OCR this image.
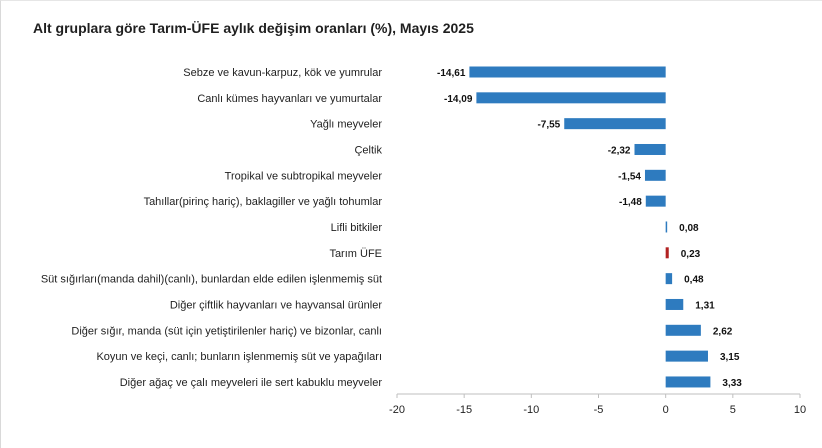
Alt gruplara göre Tarım-ÜFE aylık değişim oranları (%), Mayıs 2025
Sebze ve kavun-karpuz, kök ve yumrular	-14,61
Canlı kümes hayvanları ve yumurtalar	-14,09
Yağlı meyveler	-7,55
Çeltik	-2,32
Tropikal ve subtropikal meyveler	-1,54
Tahıllar(pirinç hariç), baklagiller ve yağlı tohumlar	-1,48
Lifli bitkiler	0,08
Tarım ÜFE	0,23
Süt sığırları(manda dahil)(canlı), bunlardan elde edilen işlenmemiş süt	0,48
Diğer çiftlik hayvanları ve hayvansal ürünler	1,31
Diğer sığır, manda (süt için yetiştirilenler hariç) ve bizonlar, canlı	2,62
Koyun ve keçi, canlı; bunların işlenmemiş süt ve yapağıları	3,15
Diğer ağaç ve çalı meyveleri ile sert kabuklu meyveler	3,33
-20	-15	-10	-5	0	5	10
